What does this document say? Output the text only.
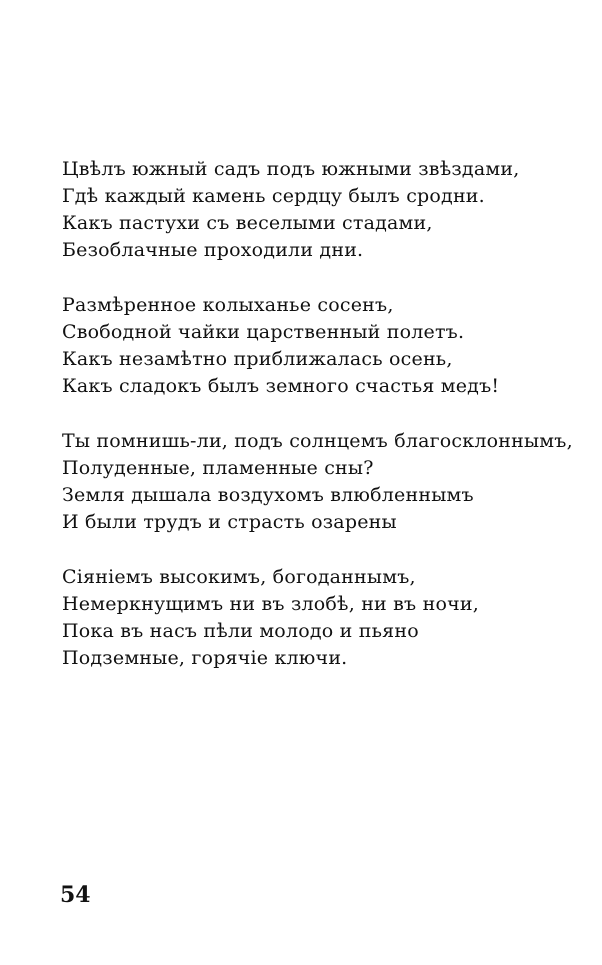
Цвѣлъ южный садъ подъ южными звѣздами,
Гдѣ каждый камень сердцу былъ сродни.
Какъ пастухи съ веселыми стадами,
Безоблачные проходили дни.
Размѣренное колыханье сосенъ,
Свободной чайки царственный полетъ.
Какъ незамѣтно приближалась осень,
Какъ сладокъ былъ земного счастья медъ!
Ты помнишь-ли, подъ солнцемъ благосклоннымъ,
Полуденные, пламенные сны?
Земля дышала воздухомъ влюбленнымъ
И были трудъ и страсть озарены
Сіяніемъ высокимъ, богоданнымъ,
Немеркнущимъ ни въ злобѣ, ни въ ночи,
Пока въ насъ пѣли молодо и пьяно
Подземные, горячіе ключи.
54
